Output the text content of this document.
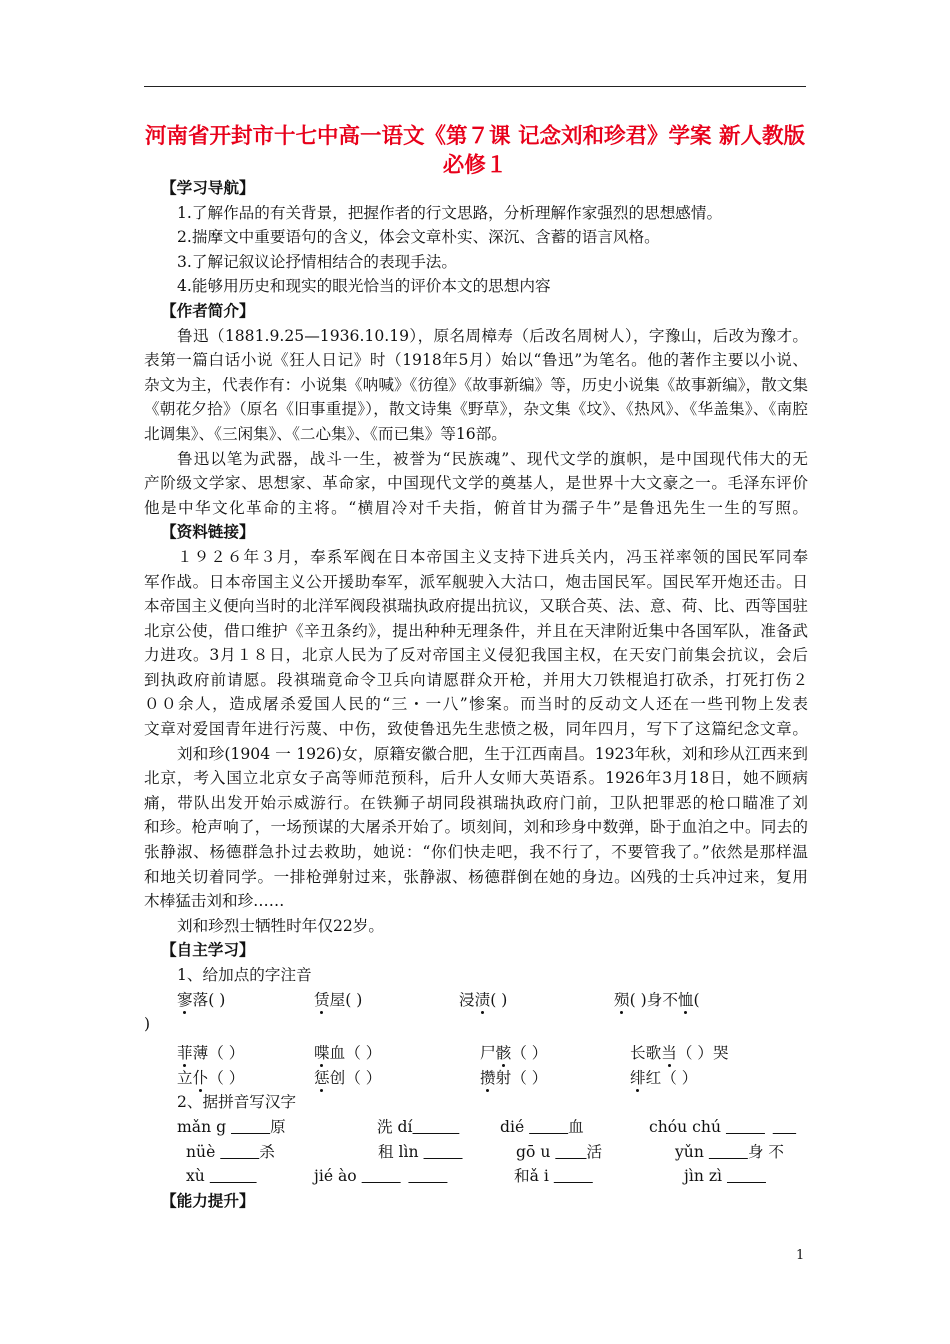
河南省开封市十七中高一语文《第７课 记念刘和珍君》学案 新人教版必修１
【学习导航】
1.了解作品的有关背景，把握作者的行文思路，分析理解作家强烈的思想感情。
2.揣摩文中重要语句的含义，体会文章朴实、深沉、含蓄的语言风格。
3.了解记叙议论抒情相结合的表现手法。
4.能够用历史和现实的眼光恰当的评价本文的思想内容
【作者简介】
鲁迅（1881.9.25—1936.10.19），原名周樟寿（后改名周树人），字豫山，后改为豫才。
表第一篇白话小说《狂人日记》时（1918年5月）始以“鲁迅”为笔名。他的著作主要以小说、
杂文为主，代表作有：小说集《呐喊》《彷徨》《故事新编》等，历史小说集《故事新编》，散文集
《朝花夕拾》（原名《旧事重提》），散文诗集《野草》，杂文集《坟》、《热风》、《华盖集》、《南腔
北调集》、《三闲集》、《二心集》、《而已集》等16部。
鲁迅以笔为武器，战斗一生，被誉为“民族魂”、现代文学的旗帜，是中国现代伟大的无
产阶级文学家、思想家、革命家，中国现代文学的奠基人，是世界十大文豪之一。毛泽东评价
他是中华文化革命的主将。“横眉冷对千夫指，俯首甘为孺子牛”是鲁迅先生一生的写照。
【资料链接】
１９２６年３月，奉系军阀在日本帝国主义支持下进兵关内，冯玉祥率领的国民军同奉
军作战。日本帝国主义公开援助奉军，派军舰驶入大沽口，炮击国民军。国民军开炮还击。日
本帝国主义便向当时的北洋军阀段祺瑞执政府提出抗议，又联合英、法、意、荷、比、西等国驻
北京公使，借口维护《辛丑条约》，提出种种无理条件，并且在天津附近集中各国军队，准备武
力进攻。3月１８日，北京人民为了反对帝国主义侵犯我国主权，在天安门前集会抗议，会后
到执政府前请愿。段祺瑞竟命令卫兵向请愿群众开枪，并用大刀铁棍追打砍杀，打死打伤２
００余人，造成屠杀爱国人民的“三・一八”惨案。而当时的反动文人还在一些刊物上发表
文章对爱国青年进行污蔑、中伤，致使鲁迅先生悲愤之极，同年四月，写下了这篇纪念文章。
刘和珍(1904 一 1926)女，原籍安徽合肥，生于江西南昌。1923年秋，刘和珍从江西来到
北京，考入国立北京女子高等师范预科，后升人女师大英语系。1926年3月18日，她不顾病
痛，带队出发开始示威游行。在铁狮子胡同段祺瑞执政府门前，卫队把罪恶的枪口瞄准了刘
和珍。枪声响了，一场预谋的大屠杀开始了。顷刻间，刘和珍身中数弹，卧于血泊之中。同去的
张静淑、杨德群急扑过去救助，她说：“你们快走吧，我不行了，不要管我了。”依然是那样温
和地关切着同学。一排枪弹射过来，张静淑、杨德群倒在她的身边。凶残的士兵冲过来，复用
木棒猛击刘和珍……
刘和珍烈士牺牲时年仅22岁。
【自主学习】
1、给加点的字注音
寥落( )	赁屋( )	浸渍( )	殒( )身不恤(
)
菲薄（ ）	喋血（ ）	尸骸（ ）	长歌当（ ）哭
立仆（ ）	惩创（ ）	攒射（ ）	绯红（ ）
2、据拼音写汉字
mǎn g      原	洗 dí      	dié      血	chóu chú          
nüè      杀	租 lìn      	gō u     活	yǔn      身 不
xù       	jié ào            	和ǎ i      	jìn zì      
【能力提升】
1
